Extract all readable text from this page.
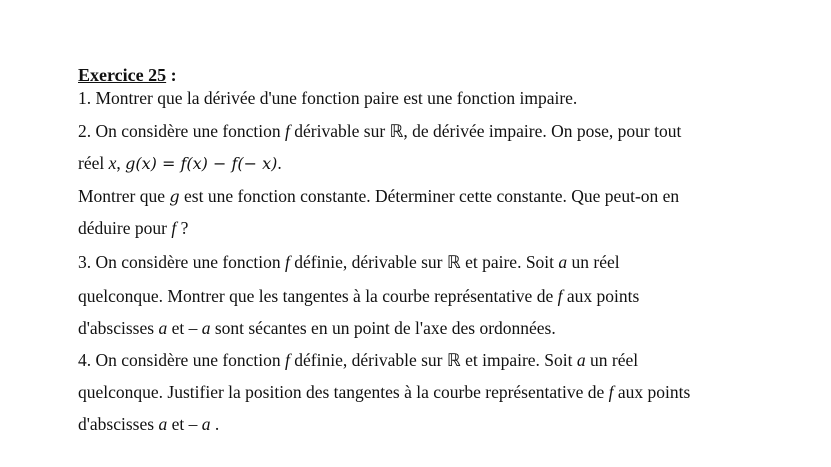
Exercice 25 :
1. Montrer que la dérivée d'une fonction paire est une fonction impaire.
2. On considère une fonction f dérivable sur ℝ, de dérivée impaire. On pose, pour tout
réel x, g(x) = f(x) − f(− x).
Montrer que g est une fonction constante. Déterminer cette constante. Que peut-on en
déduire pour f ?
3. On considère une fonction f définie, dérivable sur ℝ et paire. Soit a un réel
quelconque. Montrer que les tangentes à la courbe représentative de f aux points
d'abscisses a et – a sont sécantes en un point de l'axe des ordonnées.
4. On considère une fonction f définie, dérivable sur ℝ et impaire. Soit a un réel
quelconque. Justifier la position des tangentes à la courbe représentative de f aux points
d'abscisses a et – a .
